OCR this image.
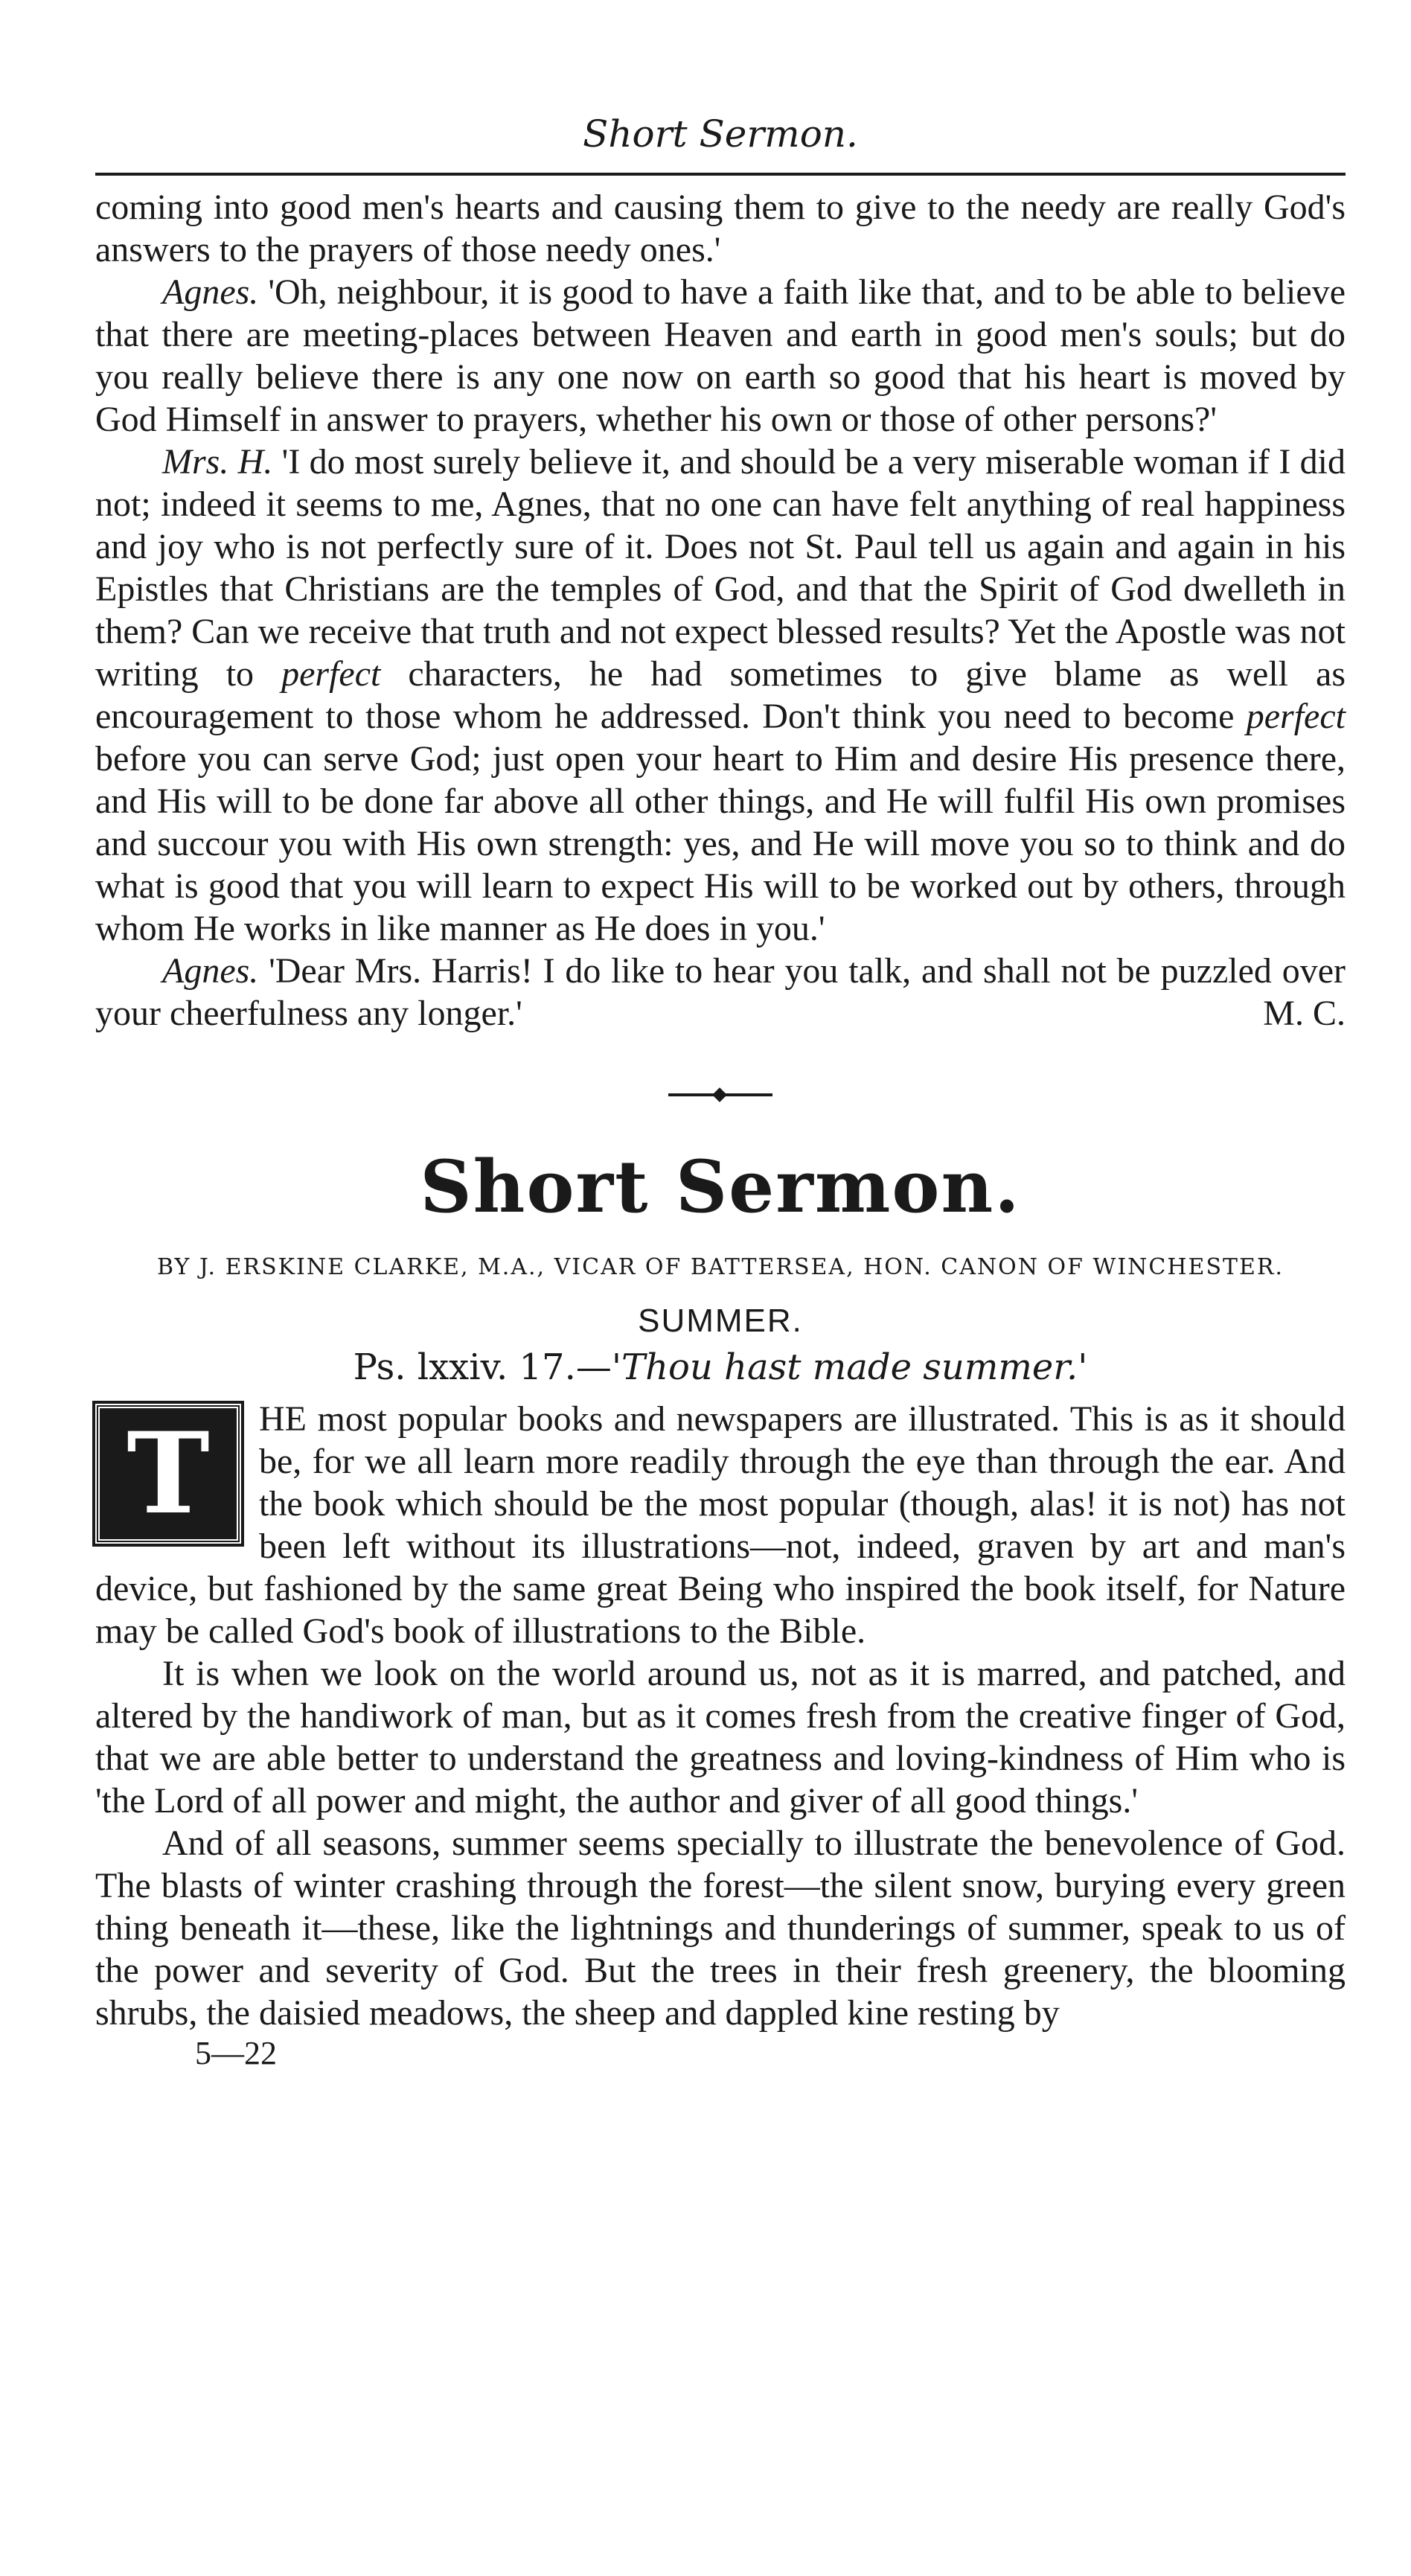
Short Sermon.

coming into good men's hearts and causing them to give to the needy are really God's answers to the prayers of those needy ones.'

Agnes. 'Oh, neighbour, it is good to have a faith like that, and to be able to believe that there are meeting-places between Heaven and earth in good men's souls; but do you really believe there is any one now on earth so good that his heart is moved by God Himself in answer to prayers, whether his own or those of other persons?'

Mrs. H. 'I do most surely believe it, and should be a very miserable woman if I did not; indeed it seems to me, Agnes, that no one can have felt anything of real happiness and joy who is not perfectly sure of it. Does not St. Paul tell us again and again in his Epistles that Christians are the temples of God, and that the Spirit of God dwelleth in them? Can we receive that truth and not expect blessed results? Yet the Apostle was not writing to perfect characters, he had sometimes to give blame as well as encouragement to those whom he addressed. Don't think you need to become perfect before you can serve God; just open your heart to Him and desire His presence there, and His will to be done far above all other things, and He will fulfil His own promises and succour you with His own strength: yes, and He will move you so to think and do what is good that you will learn to expect His will to be worked out by others, through whom He works in like manner as He does in you.'

Agnes. 'Dear Mrs. Harris! I do like to hear you talk, and shall not be puzzled over your cheerfulness any longer.'	M. C.

Short Sermon.
BY J. ERSKINE CLARKE, M.A., VICAR OF BATTERSEA, HON. CANON OF WINCHESTER.
SUMMER.
Ps. lxxiv. 17.—'Thou hast made summer.'

T	HE most popular books and newspapers are illustrated. This is as it should be, for we all learn more readily through the eye than through the ear. And the book which should be the most popular (though, alas! it is not) has not been left without its illustrations—not, indeed, graven by art and man's device, but fashioned by the same great Being who inspired the book itself, for Nature may be called God's book of illustrations to the Bible.

It is when we look on the world around us, not as it is marred, and patched, and altered by the handiwork of man, but as it comes fresh from the creative finger of God, that we are able better to understand the greatness and loving-kindness of Him who is 'the Lord of all power and might, the author and giver of all good things.'

And of all seasons, summer seems specially to illustrate the benevolence of God. The blasts of winter crashing through the forest—the silent snow, burying every green thing beneath it—these, like the lightnings and thunderings of summer, speak to us of the power and severity of God. But the trees in their fresh greenery, the blooming shrubs, the daisied meadows, the sheep and dappled kine resting by

5—22
